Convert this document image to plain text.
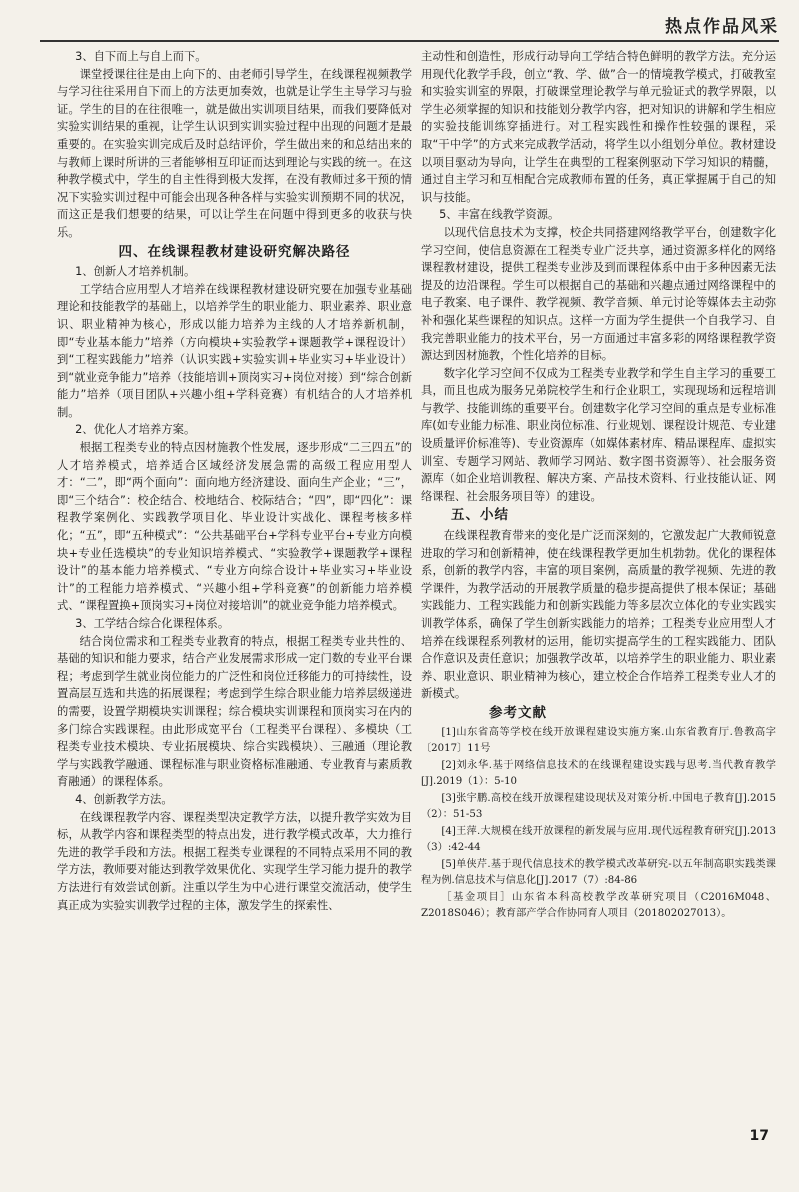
热点作品风采

3、自下而上与自上而下。

课堂授课往往是由上向下的、由老师引导学生，在线课程视频教学与学习往往采用自下而上的方法更加奏效，也就是让学生主导学习与验证。学生的目的在往很唯一，就是做出实训项目结果，而我们要降低对实验实训结果的重视，让学生认识到实训实验过程中出现的问题才是最重要的。在实验实训完成后及时总结评价，学生做出来的和总结出来的与教师上课时所讲的三者能够相互印证而达到理论与实践的统一。在这种教学模式中，学生的自主性得到极大发挥，在没有教师过多干预的情况下实验实训过程中可能会出现各种各样与实验实训预期不同的状况，而这正是我们想要的结果，可以让学生在问题中得到更多的收获与快乐。

四、在线课程教材建设研究解决路径

1、创新人才培养机制。

工学结合应用型人才培养在线课程教材建设研究要在加强专业基础理论和技能教学的基础上，以培养学生的职业能力、职业素养、职业意识、职业精神为核心，形成以能力培养为主线的人才培养新机制，即“专业基本能力”培养（方向模块+实验教学+课题教学+课程设计）到“工程实践能力”培养（认识实践+实验实训+毕业实习+毕业设计）到“就业竞争能力”培养（技能培训+顶岗实习+岗位对接）到“综合创新能力”培养（项目团队+兴趣小组+学科竞赛）有机结合的人才培养机制。

2、优化人才培养方案。

根据工程类专业的特点因材施教个性发展，逐步形成“二三四五”的人才培养模式，培养适合区域经济发展急需的高级工程应用型人才：“二”，即“两个面向”：面向地方经济建设、面向生产企业；“三”，即“三个结合”：校企结合、校地结合、校际结合；“四”，即“四化”：课程教学案例化、实践教学项目化、毕业设计实战化、课程考核多样化；“五”，即“五种模式”：“公共基础平台+学科专业平台+专业方向模块+专业任选模块”的专业知识培养模式、“实验教学+课题教学+课程设计”的基本能力培养模式、“专业方向综合设计+毕业实习+毕业设计”的工程能力培养模式、“兴趣小组+学科竞赛”的创新能力培养模式、“课程置换+顶岗实习+岗位对接培训”的就业竞争能力培养模式。

3、工学结合综合化课程体系。

结合岗位需求和工程类专业教育的特点，根据工程类专业共性的、基础的知识和能力要求，结合产业发展需求形成一定门数的专业平台课程；考虑到学生就业岗位能力的广泛性和岗位迁移能力的可持续性，设置高层互选和共选的拓展课程；考虑到学生综合职业能力培养层级递进的需要，设置学期模块实训课程；综合模块实训课程和顶岗实习在内的多门综合实践课程。由此形成宽平台（工程类平台课程）、多模块（工程类专业技术模块、专业拓展模块、综合实践模块）、三融通（理论教学与实践教学融通、课程标准与职业资格标准融通、专业教育与素质教育融通）的课程体系。

4、创新教学方法。

在线课程教学内容、课程类型决定教学方法，以提升教学实效为目标，从教学内容和课程类型的特点出发，进行教学模式改革，大力推行先进的教学手段和方法。根据工程类专业课程的不同特点采用不同的教学方法，教师要对能达到教学效果优化、实现学生学习能力提升的教学方法进行有效尝试创新。注重以学生为中心进行课堂交流活动，使学生真正成为实验实训教学过程的主体，激发学生的探索性、

主动性和创造性，形成行动导向工学结合特色鲜明的教学方法。充分运用现代化教学手段，创立“教、学、做”合一的情境教学模式，打破教室和实验实训室的界限，打破课堂理论教学与单元验证式的教学界限，以学生必须掌握的知识和技能划分教学内容，把对知识的讲解和学生相应的实验技能训练穿插进行。对工程实践性和操作性较强的课程，采取“干中学”的方式来完成教学活动，将学生以小组划分单位。教材建设以项目驱动为导向，让学生在典型的工程案例驱动下学习知识的精髓，通过自主学习和互相配合完成教师布置的任务，真正掌握属于自己的知识与技能。

5、丰富在线教学资源。

以现代信息技术为支撑，校企共同搭建网络教学平台，创建数字化学习空间，使信息资源在工程类专业广泛共享，通过资源多样化的网络课程教材建设，提供工程类专业涉及到而课程体系中由于多种因素无法提及的边沿课程。学生可以根据自己的基础和兴趣点通过网络课程中的电子教案、电子课件、教学视频、教学音频、单元讨论等媒体去主动弥补和强化某些课程的知识点。这样一方面为学生提供一个自我学习、自我完善职业能力的技术平台，另一方面通过丰富多彩的网络课程教学资源达到因材施教，个性化培养的目标。

数字化学习空间不仅成为工程类专业教学和学生自主学习的重要工具，而且也成为服务兄弟院校学生和行企业职工，实现现场和远程培训与教学、技能训练的重要平台。创建数字化学习空间的重点是专业标准库(如专业能力标准、职业岗位标准、行业规划、课程设计规范、专业建设质量评价标准等)、专业资源库（如媒体素材库、精品课程库、虚拟实训室、专题学习网站、教师学习网站、数字图书资源等）、社会服务资源库（如企业培训教程、解决方案、产品技术资料、行业技能认证、网络课程、社会服务项目等）的建设。

五、小结

在线课程教育带来的变化是广泛而深刻的，它激发起广大教师锐意进取的学习和创新精神，使在线课程教学更加生机勃勃。优化的课程体系，创新的教学内容，丰富的项目案例，高质量的教学视频、先进的教学课件，为教学活动的开展教学质量的稳步提高提供了根本保证；基础实践能力、工程实践能力和创新实践能力等多层次立体化的专业实践实训教学体系，确保了学生创新实践能力的培养；工程类专业应用型人才培养在线课程系列教材的运用，能切实提高学生的工程实践能力、团队合作意识及责任意识；加强教学改革，以培养学生的职业能力、职业素养、职业意识、职业精神为核心，建立校企合作培养工程类专业人才的新模式。

参考文献

[1]山东省高等学校在线开放课程建设实施方案.山东省教育厅.鲁教高字〔2017〕11号

[2]刘永华.基于网络信息技术的在线课程建设实践与思考.当代教育教学[J].2019（1）：5-10

[3]张宇鹏.高校在线开放课程建设现状及对策分析.中国电子教育[J].2015（2）：51-53

[4]王萍.大规模在线开放课程的新发展与应用.现代远程教育研究[J].2013（3）:42-44

[5]单侠芹.基于现代信息技术的教学模式改革研究-以五年制高职实践类课程为例.信息技术与信息化[J].2017（7）:84-86

［基金项目］山东省本科高校教学改革研究项目（C2016M048、Z2018S046）；教育部产学合作协同育人项目（201802027013）。

17
